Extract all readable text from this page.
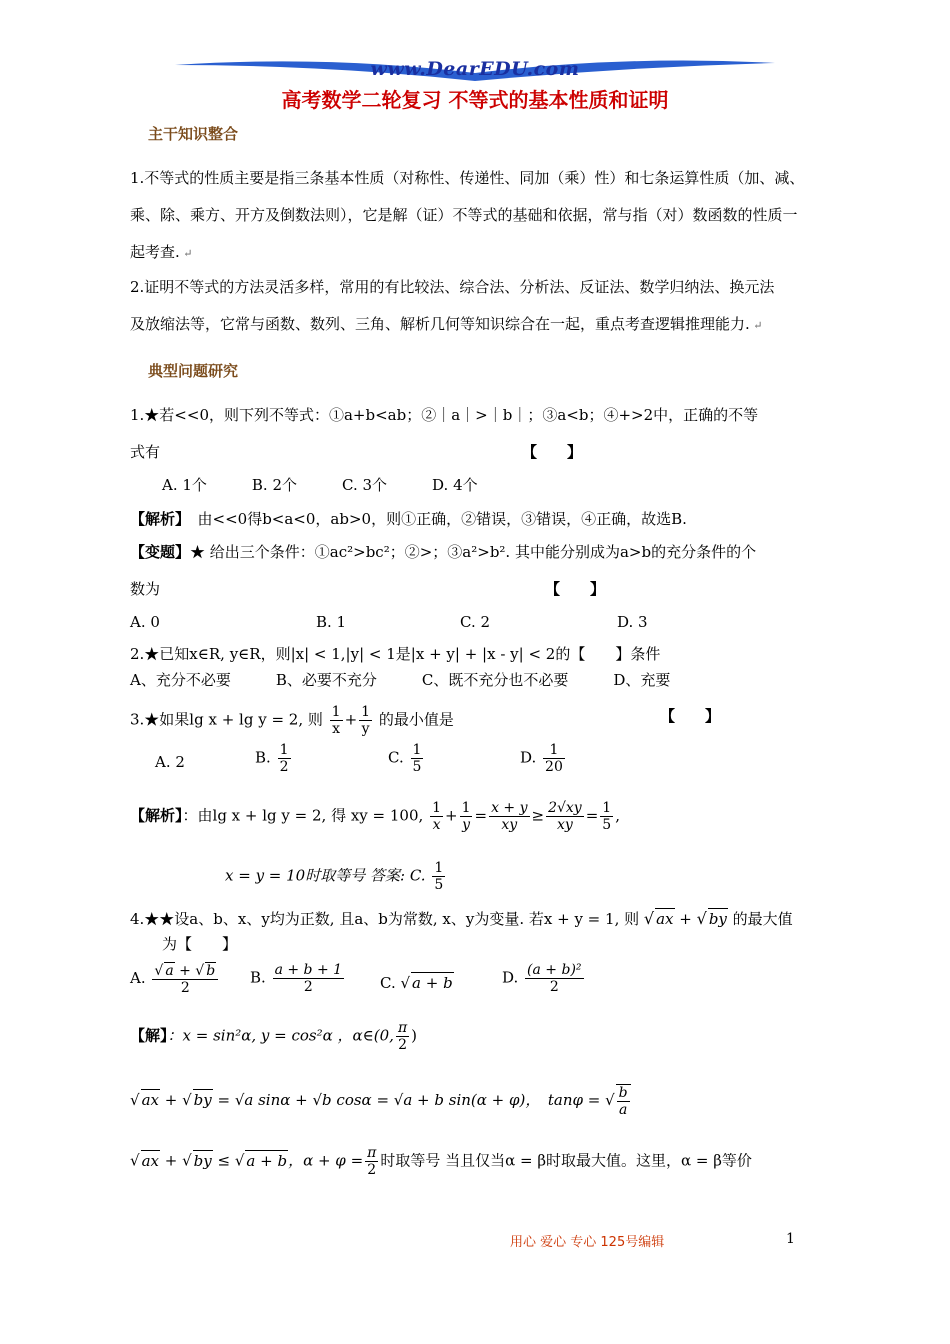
www.DearEDU.com
高考数学二轮复习 不等式的基本性质和证明
主干知识整合
1.不等式的性质主要是指三条基本性质（对称性、传递性、同加（乘）性）和七条运算性质（加、减、
乘、除、乘方、开方及倒数法则），它是解（证）不等式的基础和依据，常与指（对）数函数的性质一
起考查. ↵
2.证明不等式的方法灵活多样，常用的有比较法、综合法、分析法、反证法、数学归纳法、换元法
及放缩法等，它常与函数、数列、三角、解析几何等知识综合在一起，重点考查逻辑推理能力. ↵
典型问题研究
1.★若<<0，则下列不等式：①a+b<ab；②｜a｜>｜b｜；③a<b；④+>2中，正确的不等
式有	【　　】
A. 1个　　　B. 2个　　　C. 3个　　　D. 4个
【解析】　由<<0得b<a<0，ab>0，则①正确，②错误，③错误，④正确，故选B.
【变题】★ 给出三个条件：①ac²>bc²；②>；③a²>b². 其中能分别成为a>b的充分条件的个
数为	【　　】
A. 0	B. 1	C. 2	D. 3
2.★已知x∈R, y∈R，则|x| < 1,|y| < 1是|x + y| + |x - y| < 2的【　　】条件
A、充分不必要　　　B、必要不充分　　　C、既不充分也不必要　　　D、充要
3.★如果lg x + lg y = 2, 则 $\frac{1}{x} + \frac{1}{y}$ 的最小值是	【　　】
A. 2	B. $\frac{1}{2}$	C. $\frac{1}{5}$	D. $\frac{1}{20}$
【解析】：由lg x + lg y = 2, 得 xy = 100, $\frac{1}{x} + \frac{1}{y} = \frac{x + y}{xy} \ge \frac{2√xy}{xy} = \frac{1}{5}$ ,
x = y = 10时取等号 答案: C. $\frac{1}{5}$
4.★★设a、b、x、y均为正数, 且a、b为常数, x、y为变量. 若x + y = 1, 则 √ ax + √ by 的最大值
为【　　】
A. $\frac{√ a + √ b}{2} B$. $\frac{a + b + 1}{2} C$. √ a + b	D. $\frac{\text{(a + b)²}}{2}$
【解】：x = sin²α, y = cos²α ，α∈(0, $\frac{\pi}{2}$ )
√ ax + √ by = √a sinα + √b cosα = √a + b sin(α + φ)，　tanφ = √ $\frac{b}{a}$
√ ax + √ by ≤ √ a + b，$\alpha + \varphi = \frac{\pi}{2}$ 时取等号 当且仅当α = β时取最大值。这里，α = β等价
用心 爱心 专心 125号编辑	1
